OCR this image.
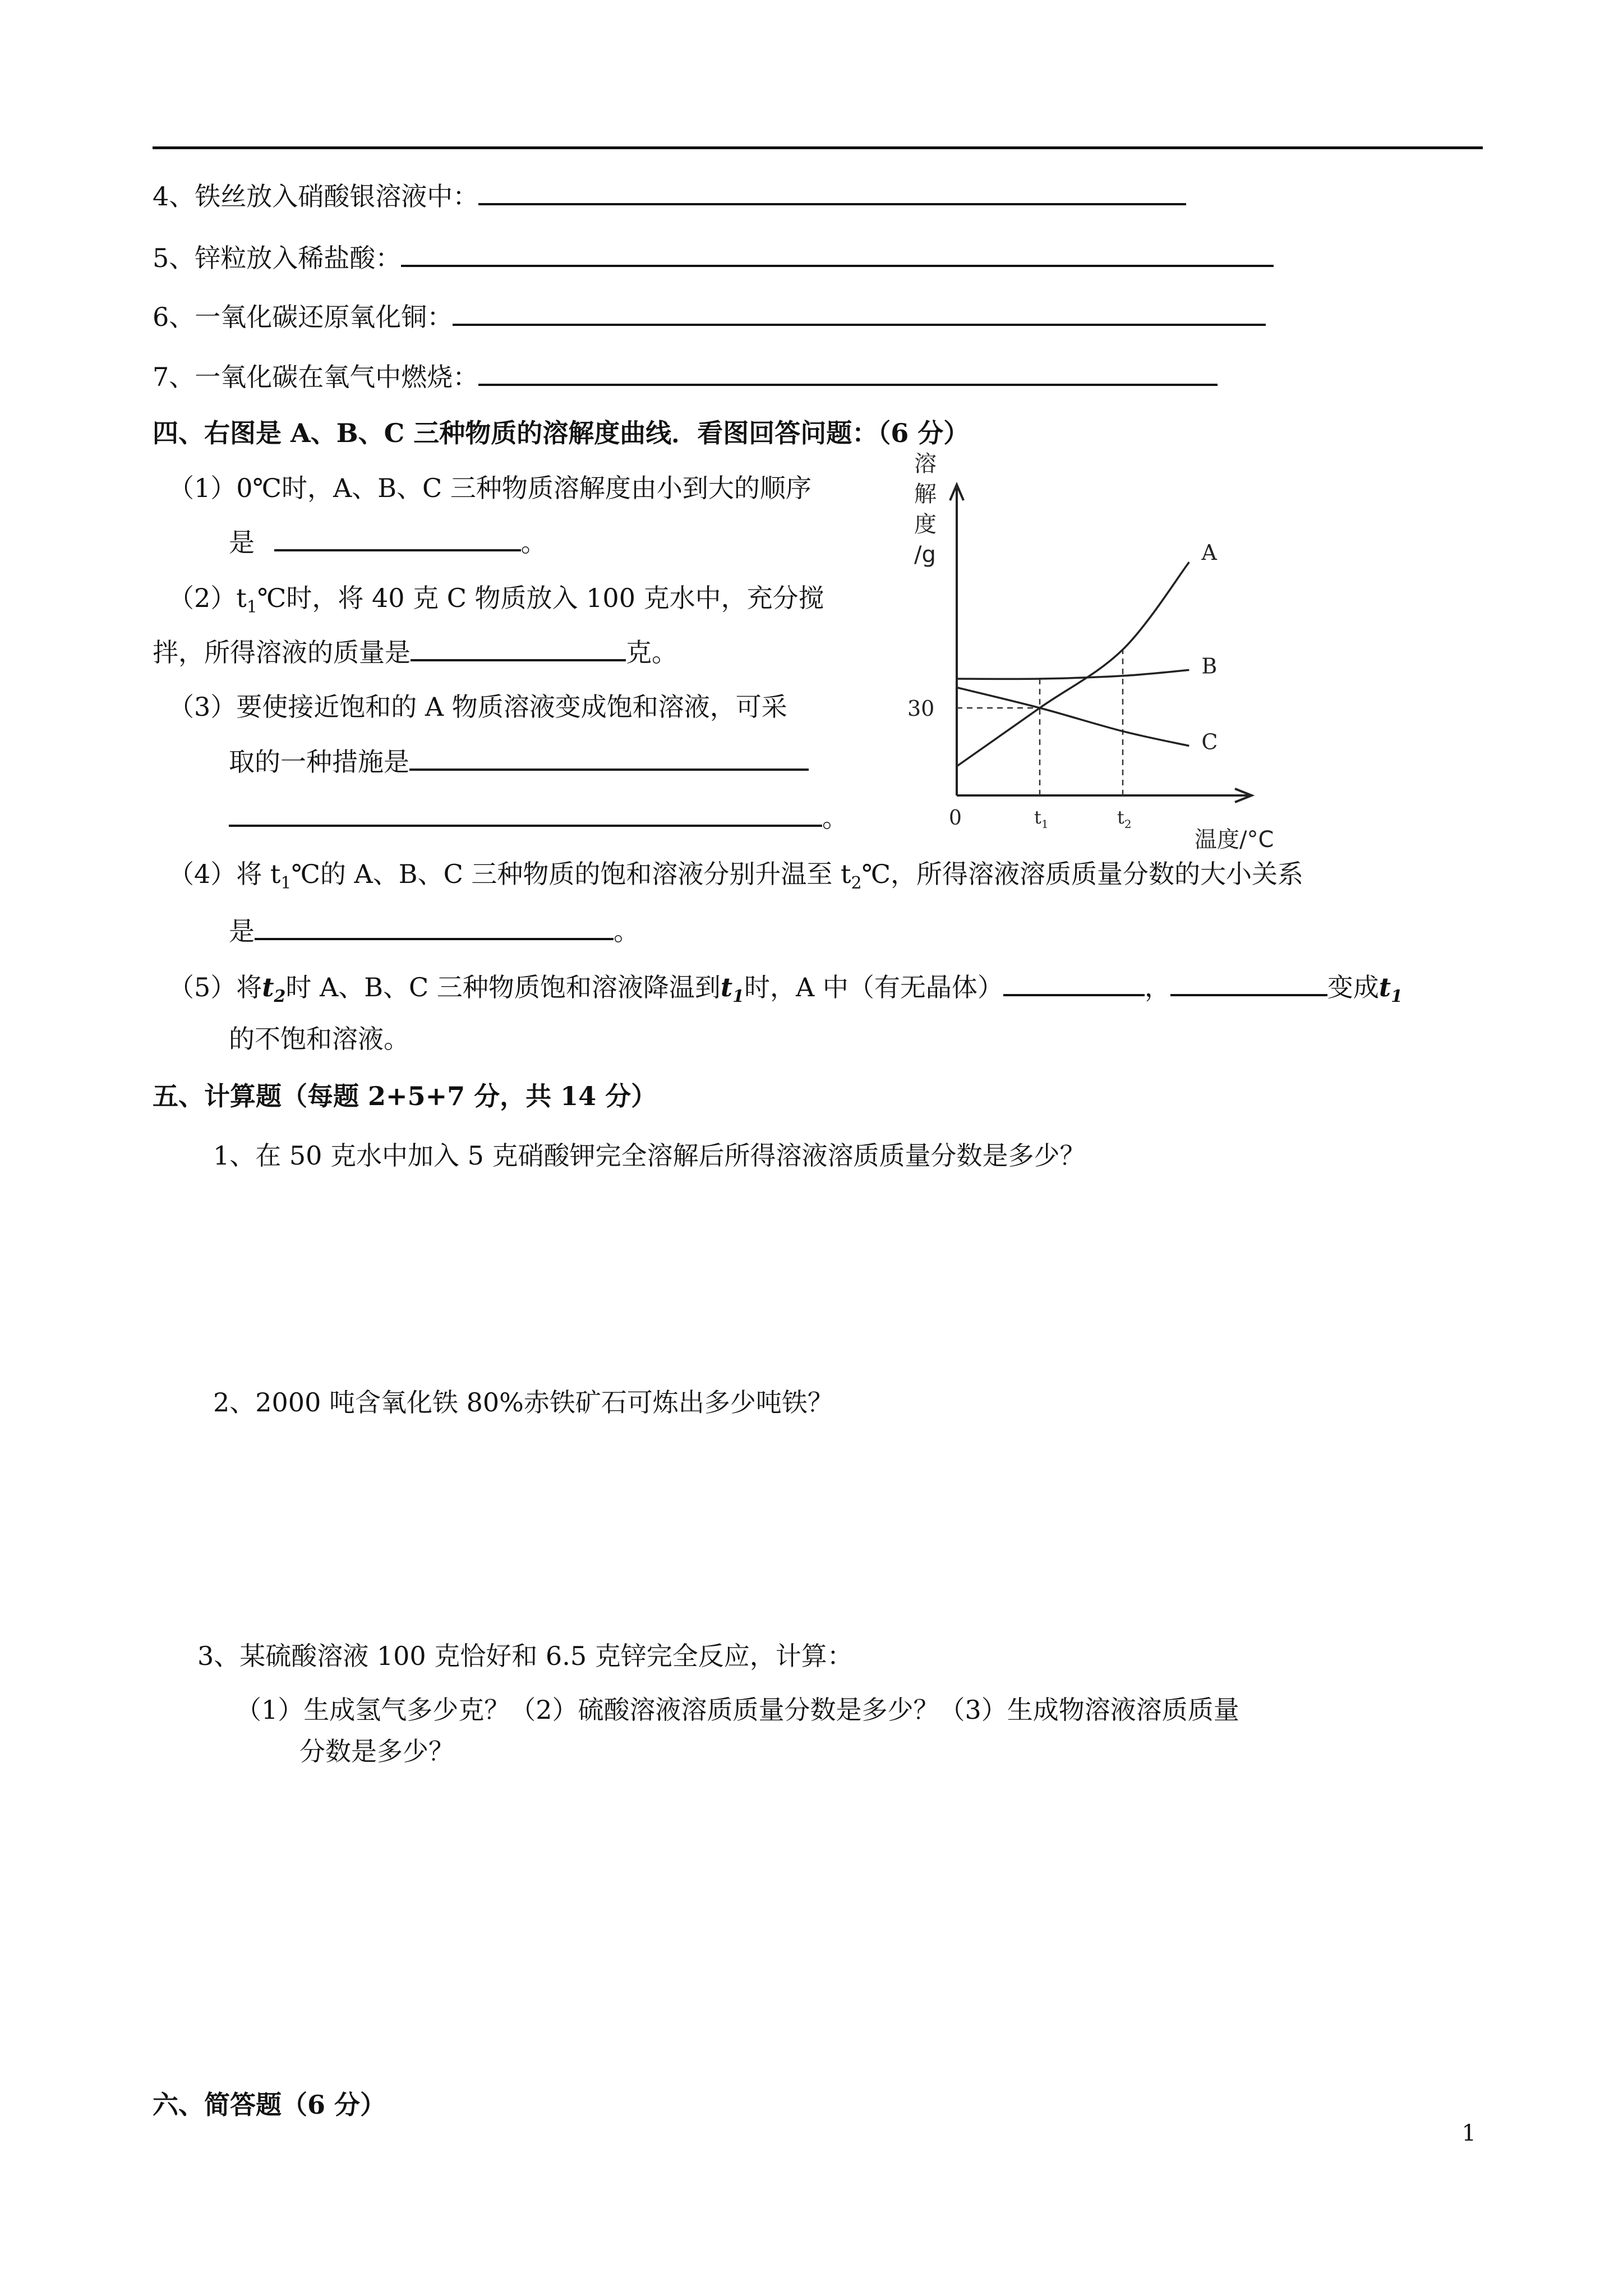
4、铁丝放入硝酸银溶液中：
5、锌粒放入稀盐酸：
6、一氧化碳还原氧化铜：
7、一氧化碳在氧气中燃烧：
四、右图是 A、B、C 三种物质的溶解度曲线．看图回答问题：（6 分）
（1）0℃时，A、B、C 三种物质溶解度由小到大的顺序
是	。
$(2)t_1℃$时，将 40 克 C 物质放入 100 克水中，充分搅
拌，所得溶液的质量是	克。
（3）要使接近饱和的 A 物质溶液变成饱和溶液，可采
取的一种措施是
。
A
B
C
30
0	$t_1$	$t_2$
溶
解
度
/g
温度/°C
（4）将 $t_1℃$的 A、B、C 三种物质的饱和溶液分别升温至 $t_2℃$，所得溶液溶质质量分数的大小关系
是	。
（5）将$t_2$时 A、B、C 三种物质饱和溶液降温到$t_1$时，A 中（有无晶体）	，	变成$t_1$
的不饱和溶液。
五、计算题（每题 2+5+7 分，共 14 分）
1、在 50 克水中加入 5 克硝酸钾完全溶解后所得溶液溶质质量分数是多少？
2、2000 吨含氧化铁 80%赤铁矿石可炼出多少吨铁？
3、某硫酸溶液 100 克恰好和 6.5 克锌完全反应，计算：
（1）生成氢气多少克？（2）硫酸溶液溶质质量分数是多少？（3）生成物溶液溶质质量
分数是多少？
六、简答题（6 分）
1
